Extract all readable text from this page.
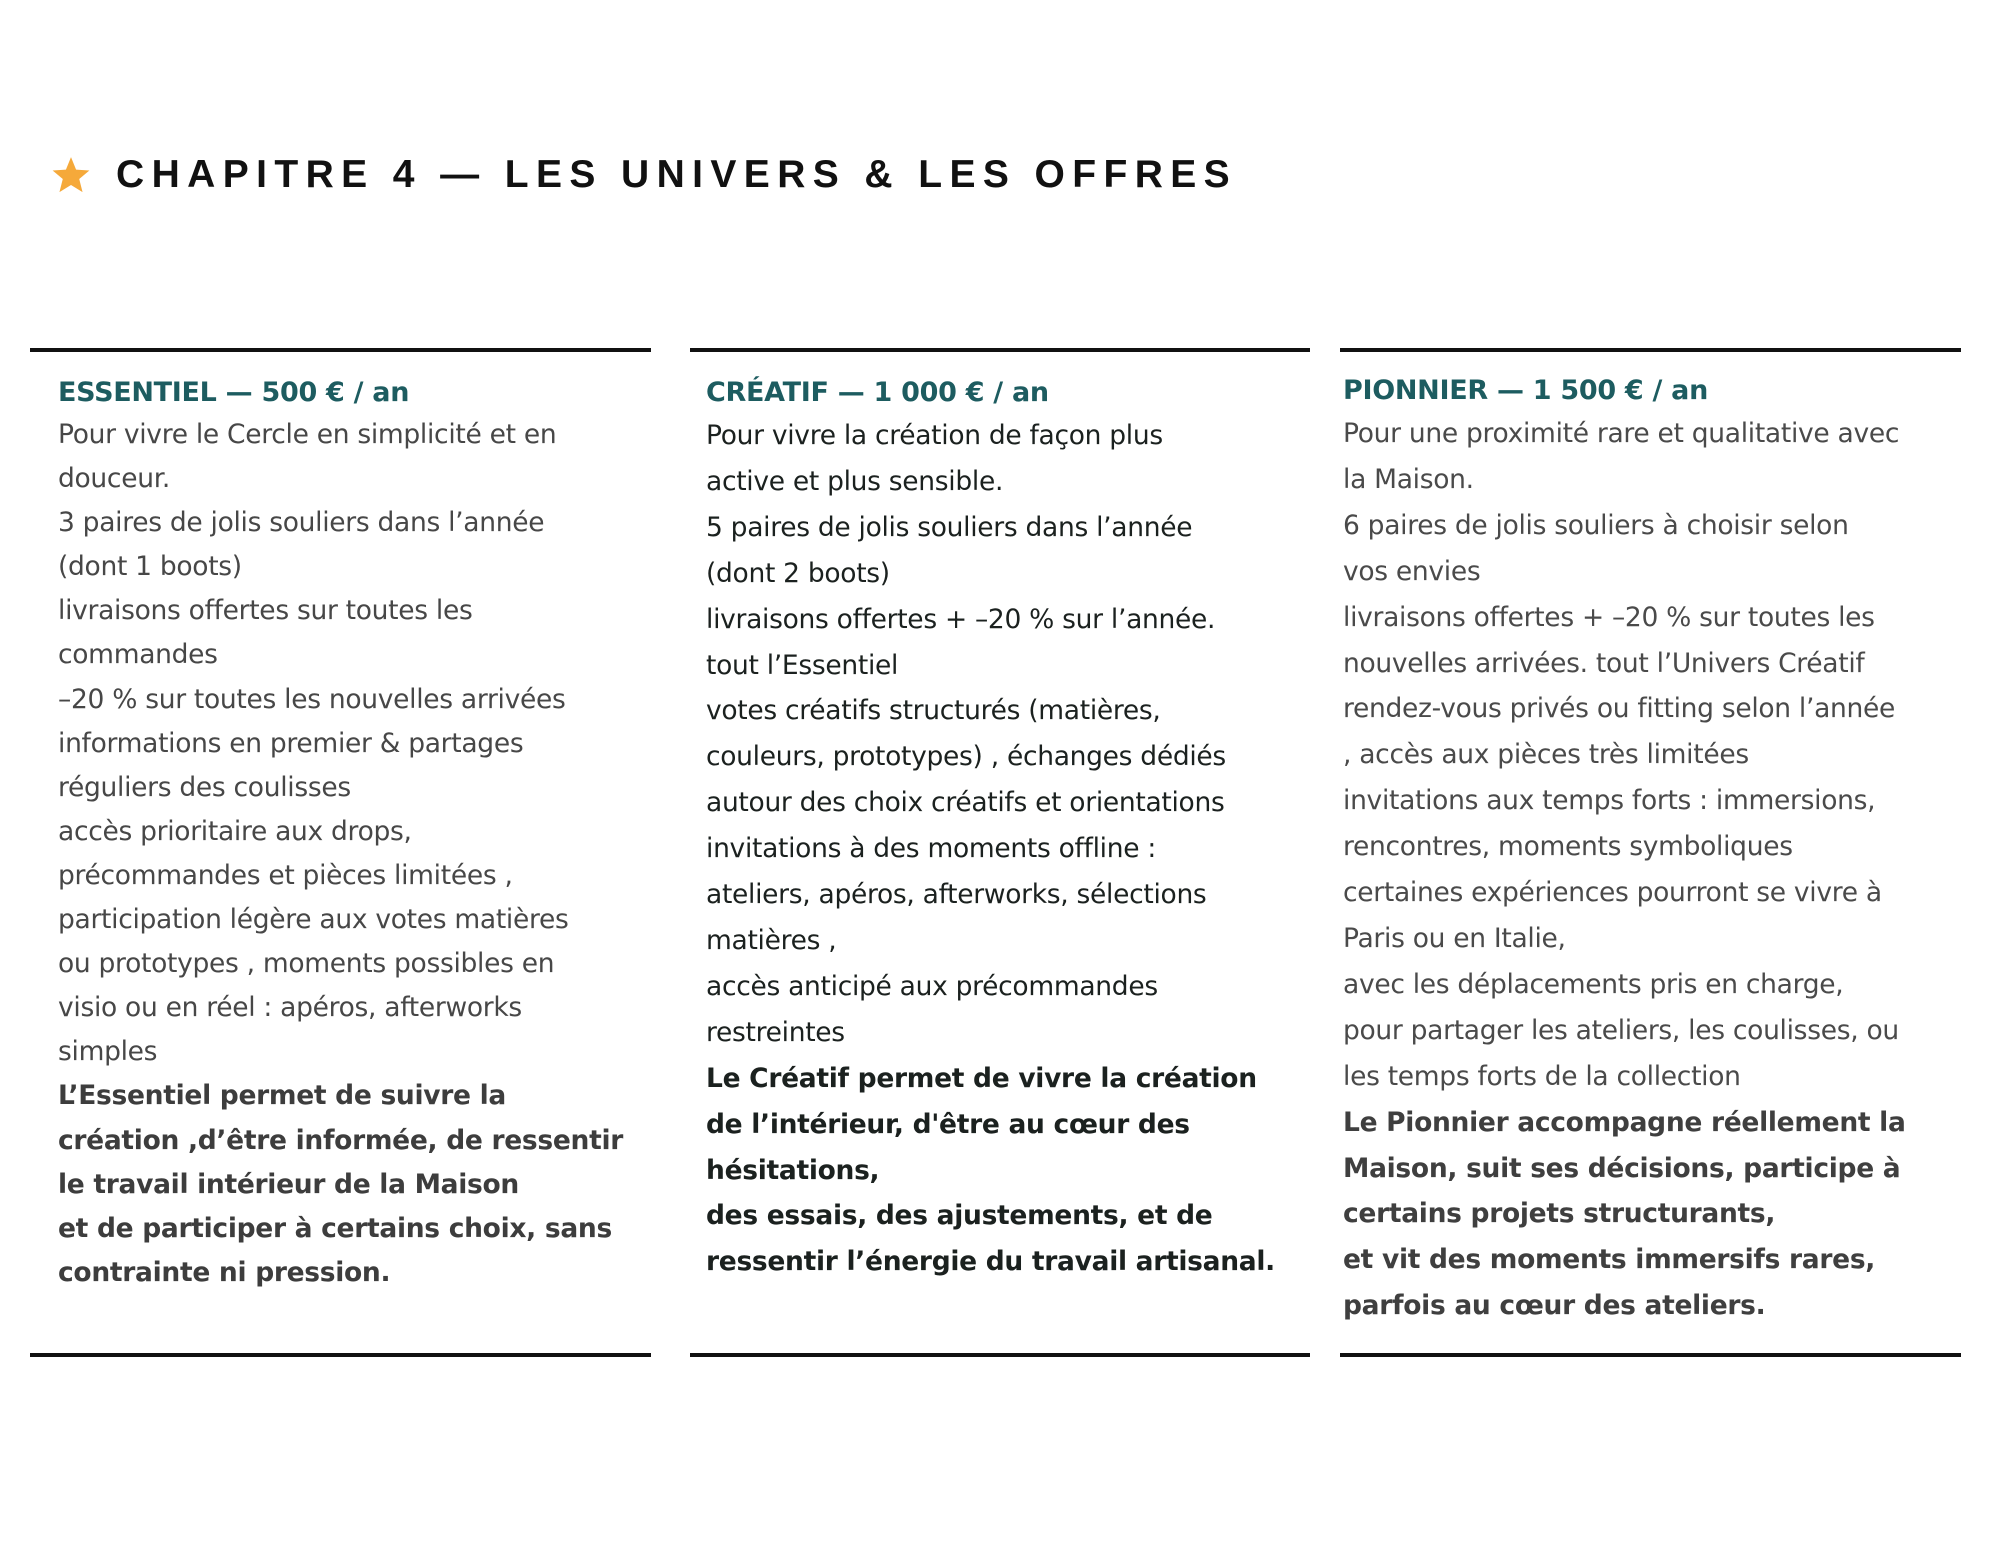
CHAPITRE 4 — LES UNIVERS & LES OFFRES
ESSENTIEL — 500 € / an
Pour vivre le Cercle en simplicité et en
douceur.
3 paires de jolis souliers dans l’année
(dont 1 boots)
livraisons offertes sur toutes les
commandes
–20 % sur toutes les nouvelles arrivées
informations en premier & partages
réguliers des coulisses
accès prioritaire aux drops,
précommandes et pièces limitées ,
participation légère aux votes matières
ou prototypes , moments possibles en
visio ou en réel : apéros, afterworks
simples
L’Essentiel permet de suivre la
création ,d’être informée, de ressentir
le travail intérieur de la Maison
et de participer à certains choix, sans
contrainte ni pression.
CRÉATIF — 1 000 € / an
Pour vivre la création de façon plus
active et plus sensible.
5 paires de jolis souliers dans l’année
(dont 2 boots)
livraisons offertes + –20 % sur l’année.
tout l’Essentiel
votes créatifs structurés (matières,
couleurs, prototypes) , échanges dédiés
autour des choix créatifs et orientations
invitations à des moments offline :
ateliers, apéros, afterworks, sélections
matières ,
accès anticipé aux précommandes
restreintes
Le Créatif permet de vivre la création
de l’intérieur, d'être au cœur des
hésitations,
des essais, des ajustements, et de
ressentir l’énergie du travail artisanal.
PIONNIER — 1 500 € / an
Pour une proximité rare et qualitative avec
la Maison.
6 paires de jolis souliers à choisir selon
vos envies
livraisons offertes + –20 % sur toutes les
nouvelles arrivées. tout l’Univers Créatif
rendez-vous privés ou fitting selon l’année
, accès aux pièces très limitées
invitations aux temps forts : immersions,
rencontres, moments symboliques
certaines expériences pourront se vivre à
Paris ou en Italie,
avec les déplacements pris en charge,
pour partager les ateliers, les coulisses, ou
les temps forts de la collection
Le Pionnier accompagne réellement la
Maison, suit ses décisions, participe à
certains projets structurants,
et vit des moments immersifs rares,
parfois au cœur des ateliers.
